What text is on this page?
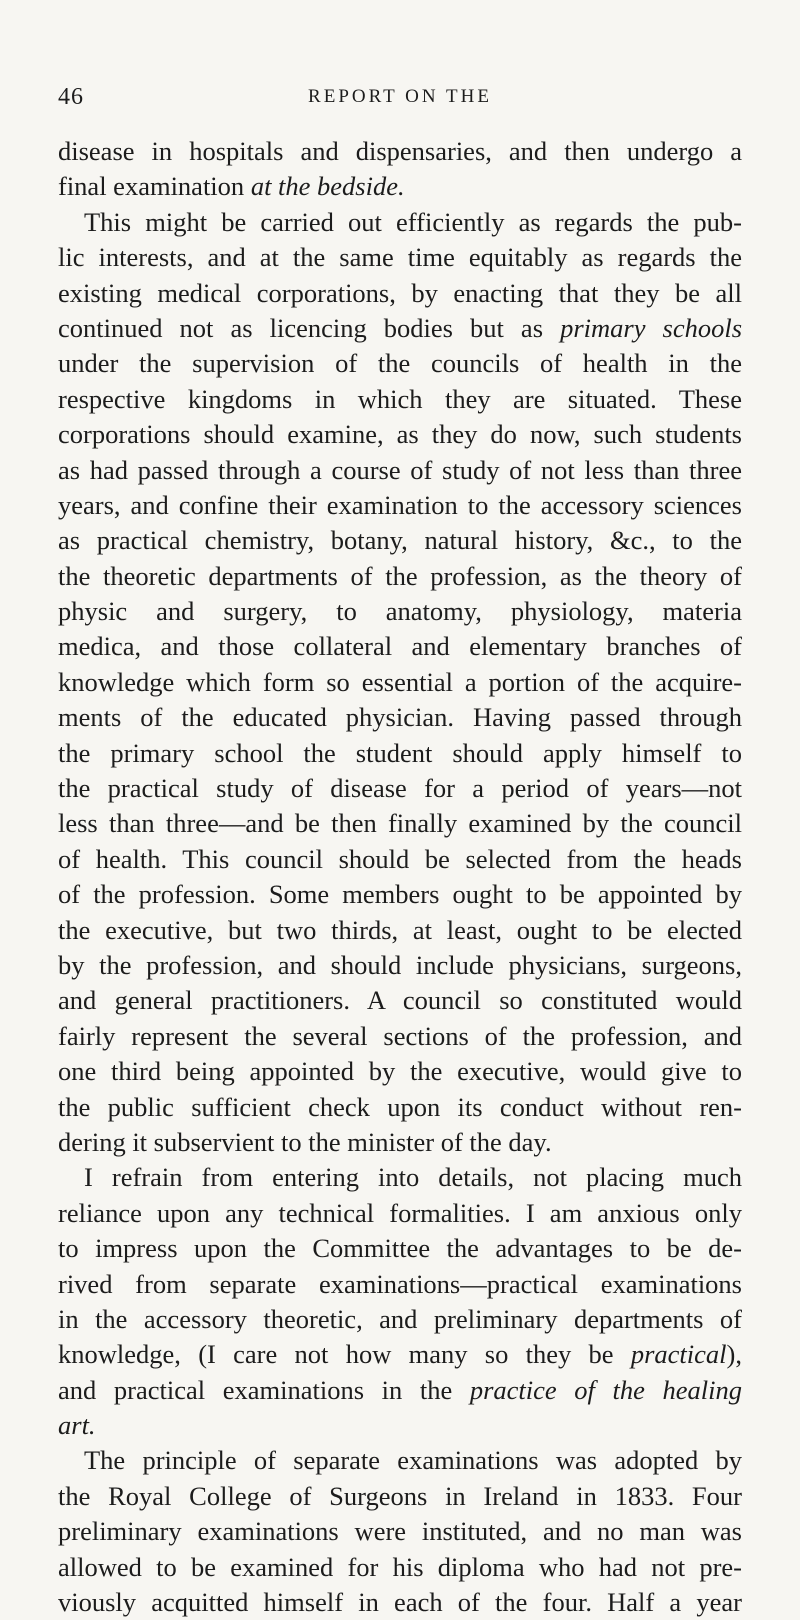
46	REPORT ON THE
disease in hospitals and dispensaries, and then undergo a
final examination at the bedside.
This might be carried out efficiently as regards the pub-
lic interests, and at the same time equitably as regards the
existing medical corporations, by enacting that they be all
continued not as licencing bodies but as primary schools
under the supervision of the councils of health in the
respective kingdoms in which they are situated. These
corporations should examine, as they do now, such students
as had passed through a course of study of not less than three
years, and confine their examination to the accessory sciences
as practical chemistry, botany, natural history, &c., to the
the theoretic departments of the profession, as the theory of
physic and surgery, to anatomy, physiology, materia
medica, and those collateral and elementary branches of
knowledge which form so essential a portion of the acquire-
ments of the educated physician. Having passed through
the primary school the student should apply himself to
the practical study of disease for a period of years—not
less than three—and be then finally examined by the council
of health. This council should be selected from the heads
of the profession. Some members ought to be appointed by
the executive, but two thirds, at least, ought to be elected
by the profession, and should include physicians, surgeons,
and general practitioners. A council so constituted would
fairly represent the several sections of the profession, and
one third being appointed by the executive, would give to
the public sufficient check upon its conduct without ren-
dering it subservient to the minister of the day.
I refrain from entering into details, not placing much
reliance upon any technical formalities. I am anxious only
to impress upon the Committee the advantages to be de-
rived from separate examinations—practical examinations
in the accessory theoretic, and preliminary departments of
knowledge, (I care not how many so they be practical),
and practical examinations in the practice of the healing
art.
The principle of separate examinations was adopted by
the Royal College of Surgeons in Ireland in 1833. Four
preliminary examinations were instituted, and no man was
allowed to be examined for his diploma who had not pre-
viously acquitted himself in each of the four. Half a year
